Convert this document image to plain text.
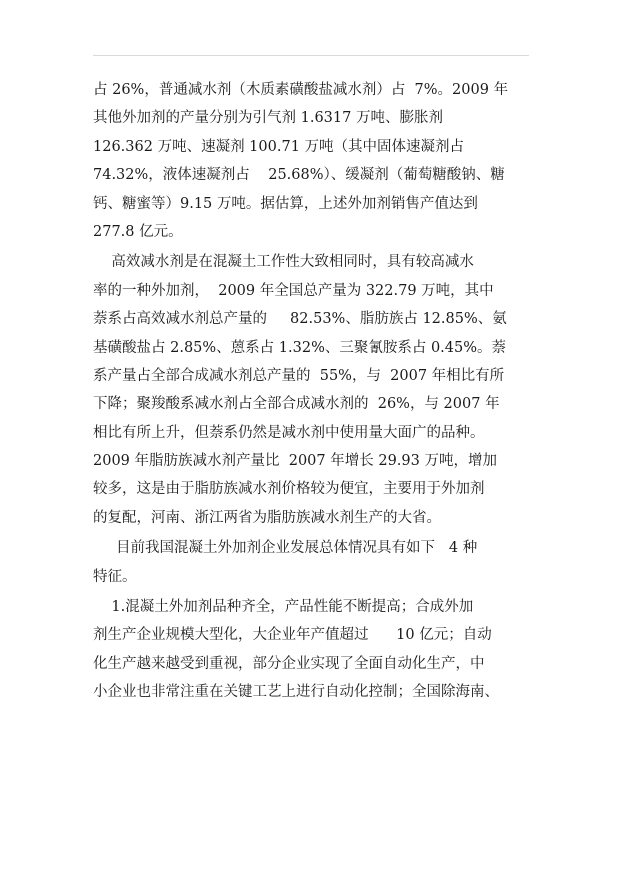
占 26%，普通减水剂（木质素磺酸盐减水剂）占  7%。2009 年
其他外加剂的产量分别为引气剂 1.6317 万吨、膨胀剂
126.362 万吨、速凝剂 100.71 万吨（其中固体速凝剂占
74.32%，液体速凝剂占    25.68%）、缓凝剂（葡萄糖酸钠、糖
钙、糖蜜等）9.15 万吨。据估算，上述外加剂销售产值达到
277.8 亿元。
高效减水剂是在混凝土工作性大致相同时，具有较高减水
率的一种外加剂，  2009 年全国总产量为 322.79 万吨，其中
萘系占高效减水剂总产量的     82.53%、脂肪族占 12.85%、氨
基磺酸盐占 2.85%、蒽系占 1.32%、三聚氰胺系占 0.45%。萘
系产量占全部合成减水剂总产量的  55%，与  2007 年相比有所
下降；聚羧酸系减水剂占全部合成减水剂的  26%，与 2007 年
相比有所上升，但萘系仍然是减水剂中使用量大面广的品种。
2009 年脂肪族减水剂产量比  2007 年增长 29.93 万吨，增加
较多，这是由于脂肪族减水剂价格较为便宜，主要用于外加剂
的复配，河南、浙江两省为脂肪族减水剂生产的大省。
目前我国混凝土外加剂企业发展总体情况具有如下   4 种
特征。
1.混凝土外加剂品种齐全，产品性能不断提高；合成外加
剂生产企业规模大型化，大企业年产值超过      10 亿元；自动
化生产越来越受到重视，部分企业实现了全面自动化生产，中
小企业也非常注重在关键工艺上进行自动化控制；全国除海南、
